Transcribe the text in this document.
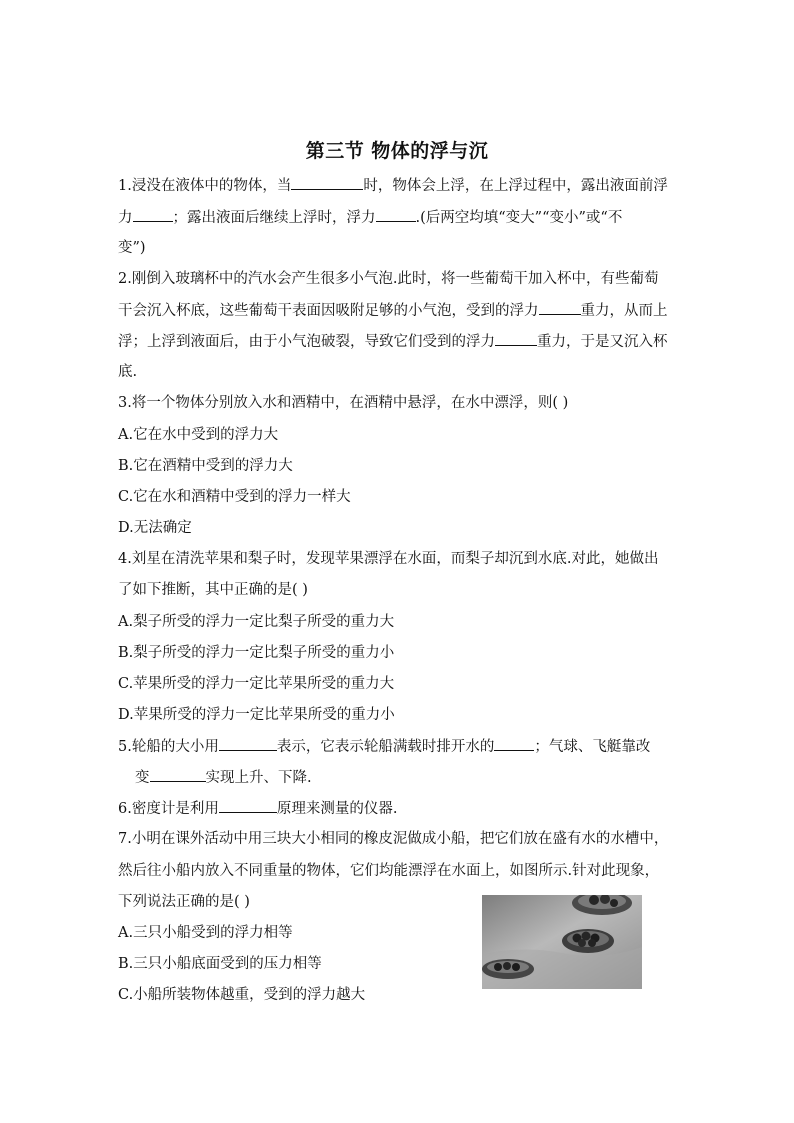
第三节 物体的浮与沉
1.浸没在液体中的物体，当	时，物体会上浮，在上浮过程中，露出液面前浮
力	；露出液面后继续上浮时，浮力	.(后两空均填“变大”“变小”或“不
变”)
2.刚倒入玻璃杯中的汽水会产生很多小气泡.此时，将一些葡萄干加入杯中，有些葡萄
干会沉入杯底，这些葡萄干表面因吸附足够的小气泡，受到的浮力	重力，从而上
浮；上浮到液面后，由于小气泡破裂，导致它们受到的浮力	重力，于是又沉入杯
底.
3.将一个物体分别放入水和酒精中，在酒精中悬浮，在水中漂浮，则( )
A.它在水中受到的浮力大
B.它在酒精中受到的浮力大
C.它在水和酒精中受到的浮力一样大
D.无法确定
4.刘星在清洗苹果和梨子时，发现苹果漂浮在水面，而梨子却沉到水底.对此，她做出
了如下推断，其中正确的是( )
A.梨子所受的浮力一定比梨子所受的重力大
B.梨子所受的浮力一定比梨子所受的重力小
C.苹果所受的浮力一定比苹果所受的重力大
D.苹果所受的浮力一定比苹果所受的重力小
5.轮船的大小用	表示，它表示轮船满载时排开水的	；气球、飞艇靠改
变	实现上升、下降.
6.密度计是利用	原理来测量的仪器.
7.小明在课外活动中用三块大小相同的橡皮泥做成小船，把它们放在盛有水的水槽中，
然后往小船内放入不同重量的物体，它们均能漂浮在水面上，如图所示.针对此现象，
下列说法正确的是( )
A.三只小船受到的浮力相等
B.三只小船底面受到的压力相等
C.小船所装物体越重，受到的浮力越大
